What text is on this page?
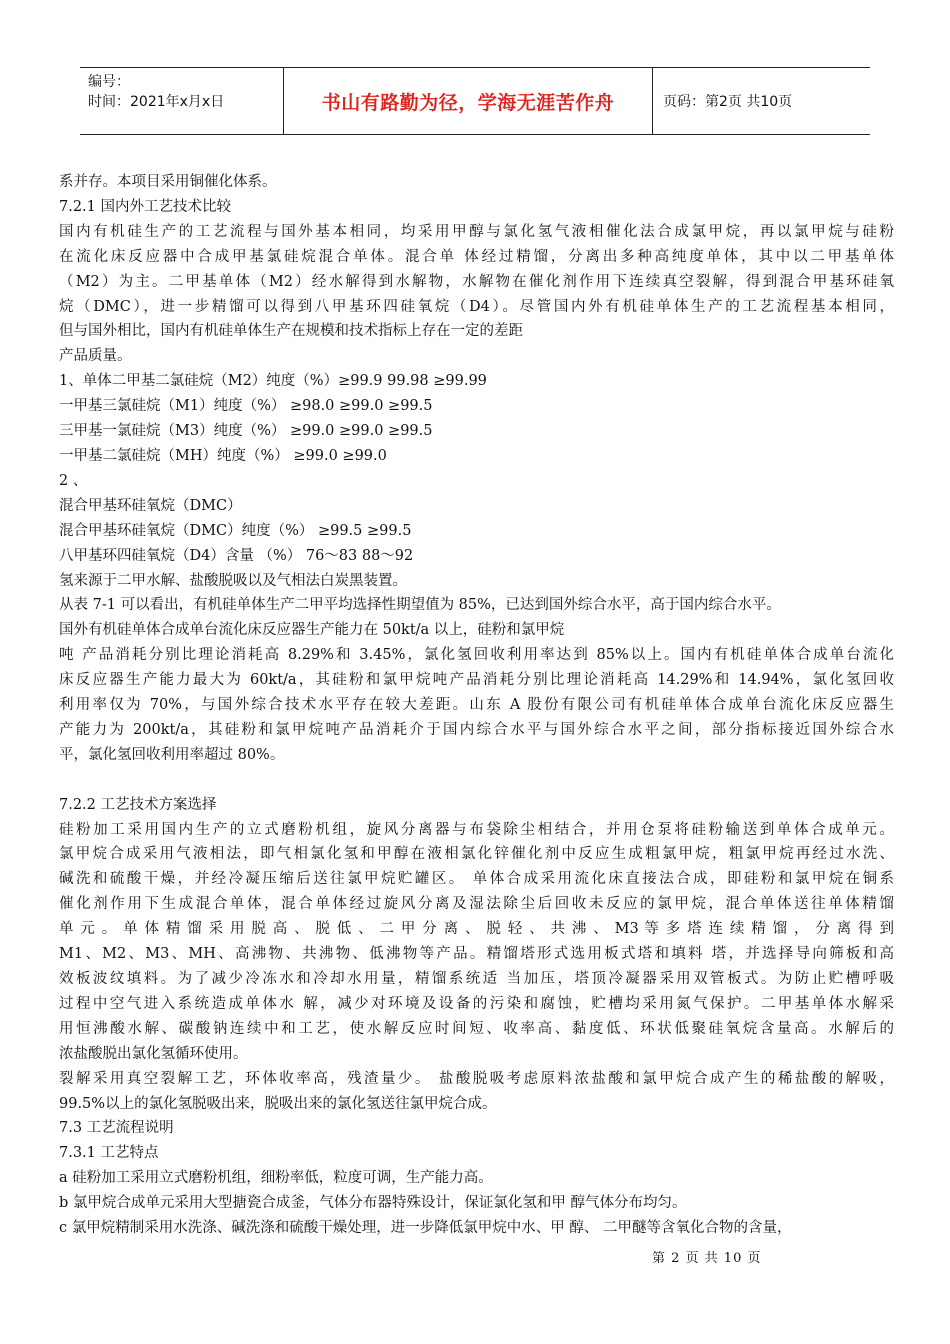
编号：
时间：2021年x月x日	书山有路勤为径，学海无涯苦作舟	页码：第2页 共10页

系并存。本项目采用铜催化体系。

7.2.1 国内外工艺技术比较

国内有机硅生产的工艺流程与国外基本相同，均采用甲醇与氯化氢气液相催化法合成氯甲烷，再以氯甲烷与硅粉

在流化床反应器中合成甲基氯硅烷混合单体。混合单 体经过精馏，分离出多种高纯度单体，其中以二甲基单体

（M2）为主。二甲基单体（M2）经水解得到水解物，水解物在催化剂作用下连续真空裂解，得到混合甲基环硅氧

烷（DMC），进一步精馏可以得到八甲基环四硅氧烷（D4）。尽管国内外有机硅单体生产的工艺流程基本相同，

但与国外相比，国内有机硅单体生产在规模和技术指标上存在一定的差距

产品质量。

1、单体二甲基二氯硅烷（M2）纯度（%）≥99.9 99.98 ≥99.99

一甲基三氯硅烷（M1）纯度（%） ≥98.0 ≥99.0 ≥99.5

三甲基一氯硅烷（M3）纯度（%） ≥99.0 ≥99.0 ≥99.5

一甲基二氯硅烷（MH）纯度（%） ≥99.0 ≥99.0

2 、

混合甲基环硅氧烷（DMC）

混合甲基环硅氧烷（DMC）纯度（%） ≥99.5 ≥99.5

八甲基环四硅氧烷（D4）含量 （%） 76～83 88～92

氢来源于二甲水解、盐酸脱吸以及气相法白炭黑装置。

从表 7-1 可以看出，有机硅单体生产二甲平均选择性期望值为 85%，已达到国外综合水平，高于国内综合水平。

国外有机硅单体合成单台流化床反应器生产能力在 50kt/a 以上，硅粉和氯甲烷

吨 产品消耗分别比理论消耗高 8.29%和 3.45%，氯化氢回收利用率达到 85%以上。国内有机硅单体合成单台流化

床反应器生产能力最大为 60kt/a，其硅粉和氯甲烷吨产品消耗分别比理论消耗高 14.29%和 14.94%，氯化氢回收

利用率仅为 70%，与国外综合技术水平存在较大差距。山东 A 股份有限公司有机硅单体合成单台流化床反应器生

产能力为 200kt/a，其硅粉和氯甲烷吨产品消耗介于国内综合水平与国外综合水平之间，部分指标接近国外综合水

平，氯化氢回收利用率超过 80%。

7.2.2 工艺技术方案选择

硅粉加工采用国内生产的立式磨粉机组，旋风分离器与布袋除尘相结合，并用仓泵将硅粉输送到单体合成单元。

氯甲烷合成采用气液相法，即气相氯化氢和甲醇在液相氯化锌催化剂中反应生成粗氯甲烷，粗氯甲烷再经过水洗、

碱洗和硫酸干燥，并经冷凝压缩后送往氯甲烷贮罐区。 单体合成采用流化床直接法合成，即硅粉和氯甲烷在铜系

催化剂作用下生成混合单体，混合单体经过旋风分离及湿法除尘后回收未反应的氯甲烷，混合单体送往单体精馏

单 元 。 单 体 精 馏 采 用 脱 高 、 脱 低 、 二 甲 分 离 、 脱 轻 、 共 沸 、 M3 等 多 塔 连 续 精 馏 ， 分 离 得 到

M1、M2、M3、MH、高沸物、共沸物、低沸物等产品。精馏塔形式选用板式塔和填料 塔，并选择导向筛板和高

效板波纹填料。为了减少冷冻水和冷却水用量，精馏系统适 当加压，塔顶冷凝器采用双管板式。为防止贮槽呼吸

过程中空气进入系统造成单体水 解，减少对环境及设备的污染和腐蚀，贮槽均采用氮气保护。二甲基单体水解采

用恒沸酸水解、碳酸钠连续中和工艺，使水解反应时间短、收率高、黏度低、环状低聚硅氧烷含量高。水解后的

浓盐酸脱出氯化氢循环使用。

裂解采用真空裂解工艺，环体收率高，残渣量少。 盐酸脱吸考虑原料浓盐酸和氯甲烷合成产生的稀盐酸的解吸，

99.5%以上的氯化氢脱吸出来，脱吸出来的氯化氢送往氯甲烷合成。

7.3 工艺流程说明

7.3.1 工艺特点

a 硅粉加工采用立式磨粉机组，细粉率低，粒度可调，生产能力高。

b 氯甲烷合成单元采用大型搪瓷合成釜，气体分布器特殊设计，保证氯化氢和甲 醇气体分布均匀。

c 氯甲烷精制采用水洗涤、碱洗涤和硫酸干燥处理，进一步降低氯甲烷中水、甲 醇、 二甲醚等含氧化合物的含量，

第 2 页 共 10 页
